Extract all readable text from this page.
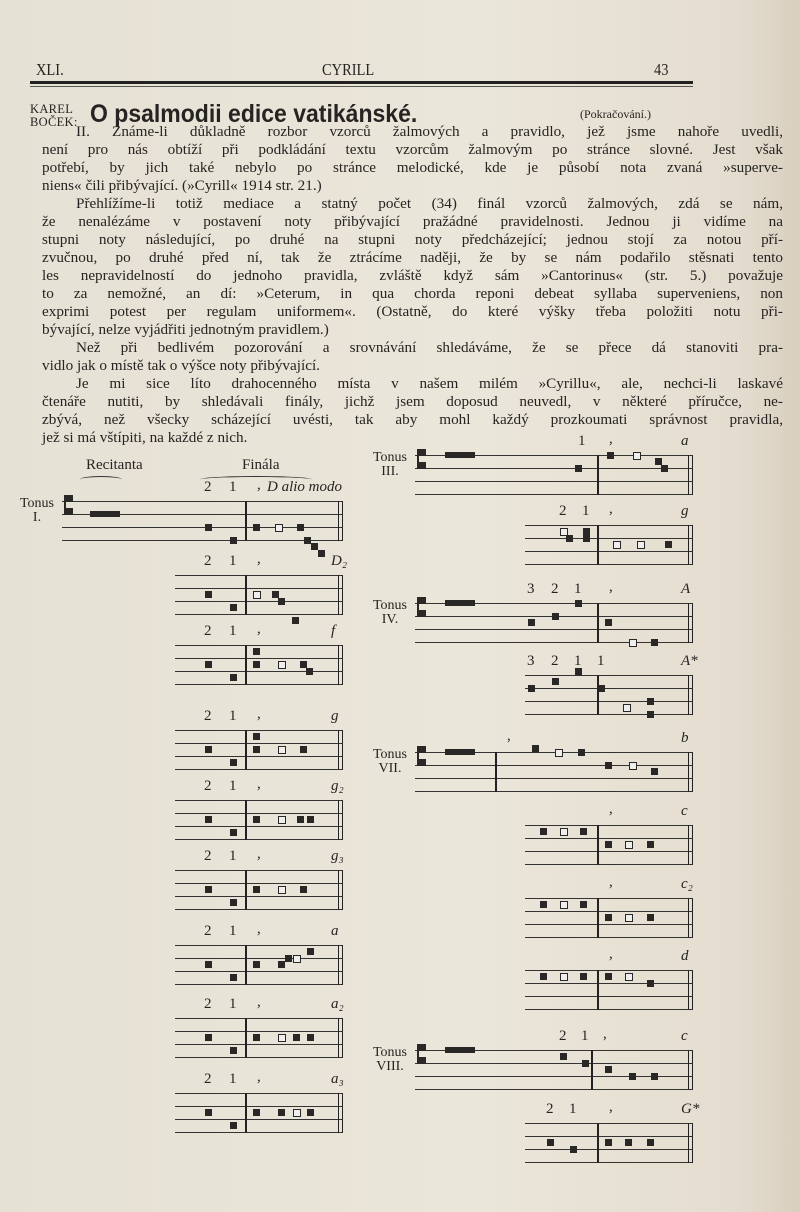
XLI.	CYRILL	43
KAREL
BOČEK: O psalmodii edice vatikánské.	(Pokračování.)
II. Známe-li důkladně rozbor vzorců žalmových a pravidlo, jež jsme nahoře uvedli,
není pro nás obtíží při podkládání textu vzorcům žalmovým po stránce slovné. Jest však
potřebí, by jich také nebylo po stránce melodické, kde je působí nota zvaná »superve-
niens« čili přibývající. (»Cyrill« 1914 str. 21.)
Přehlížíme-li totiž mediace a statný počet (34) finál vzorců žalmových, zdá se nám,
že nenalézáme v postavení noty přibývající pražádné pravidelnosti. Jednou ji vidíme na
stupni noty následující, po druhé na stupni noty předcházející; jednou stojí za notou pří-
zvučnou, po druhé před ní, tak že ztrácíme naději, že by se nám podařilo stěsnati tento
les nepravidelností do jednoho pravidla, zvláště když sám »Cantorinus« (str. 5.) považuje
to za nemožné, an dí: »Ceterum, in qua chorda reponi debeat syllaba superveniens, non
exprimi potest per regulam uniformem«. (Ostatně, do které výšky třeba položiti notu při-
bývající, nelze vyjádřiti jednotným pravidlem.)
Než při bedlivém pozorování a srovnávání shledáváme, že se přece dá stanoviti pra-
vidlo jak o místě tak o výšce noty přibývající.
Je mi sice líto drahocenného místa v našem milém »Cyrillu«, ale, nechci-li laskavé
čtenáře nutiti, by shledávali finály, jichž jsem doposud neuvedl, v některé příručce, ne-
zbývá, než všecky scházející uvésti, tak aby mohl každý prozkoumati správnost pravidla,
jež si má vštípiti, na každé z nich.
2 1 , D alio modo
Tonus I.
2 1 ,	D₂
2 1 ,	f
2 1 ,	g
2 1 ,	g₂
2 1 ,	g₃
2 1 ,	a
2 1 ,	a₂
2 1 ,	a₃
1 ,	a
Tonus III.
2 1 ,	g
3 2 1 ,	A
Tonus IV.
3 2 1 1	A*
,	b
Tonus VII.
,	c
,	c₂
,	d
2 1 ,	c
Tonus VIII.
2 1 ,	G*
Recitanta	Finála
